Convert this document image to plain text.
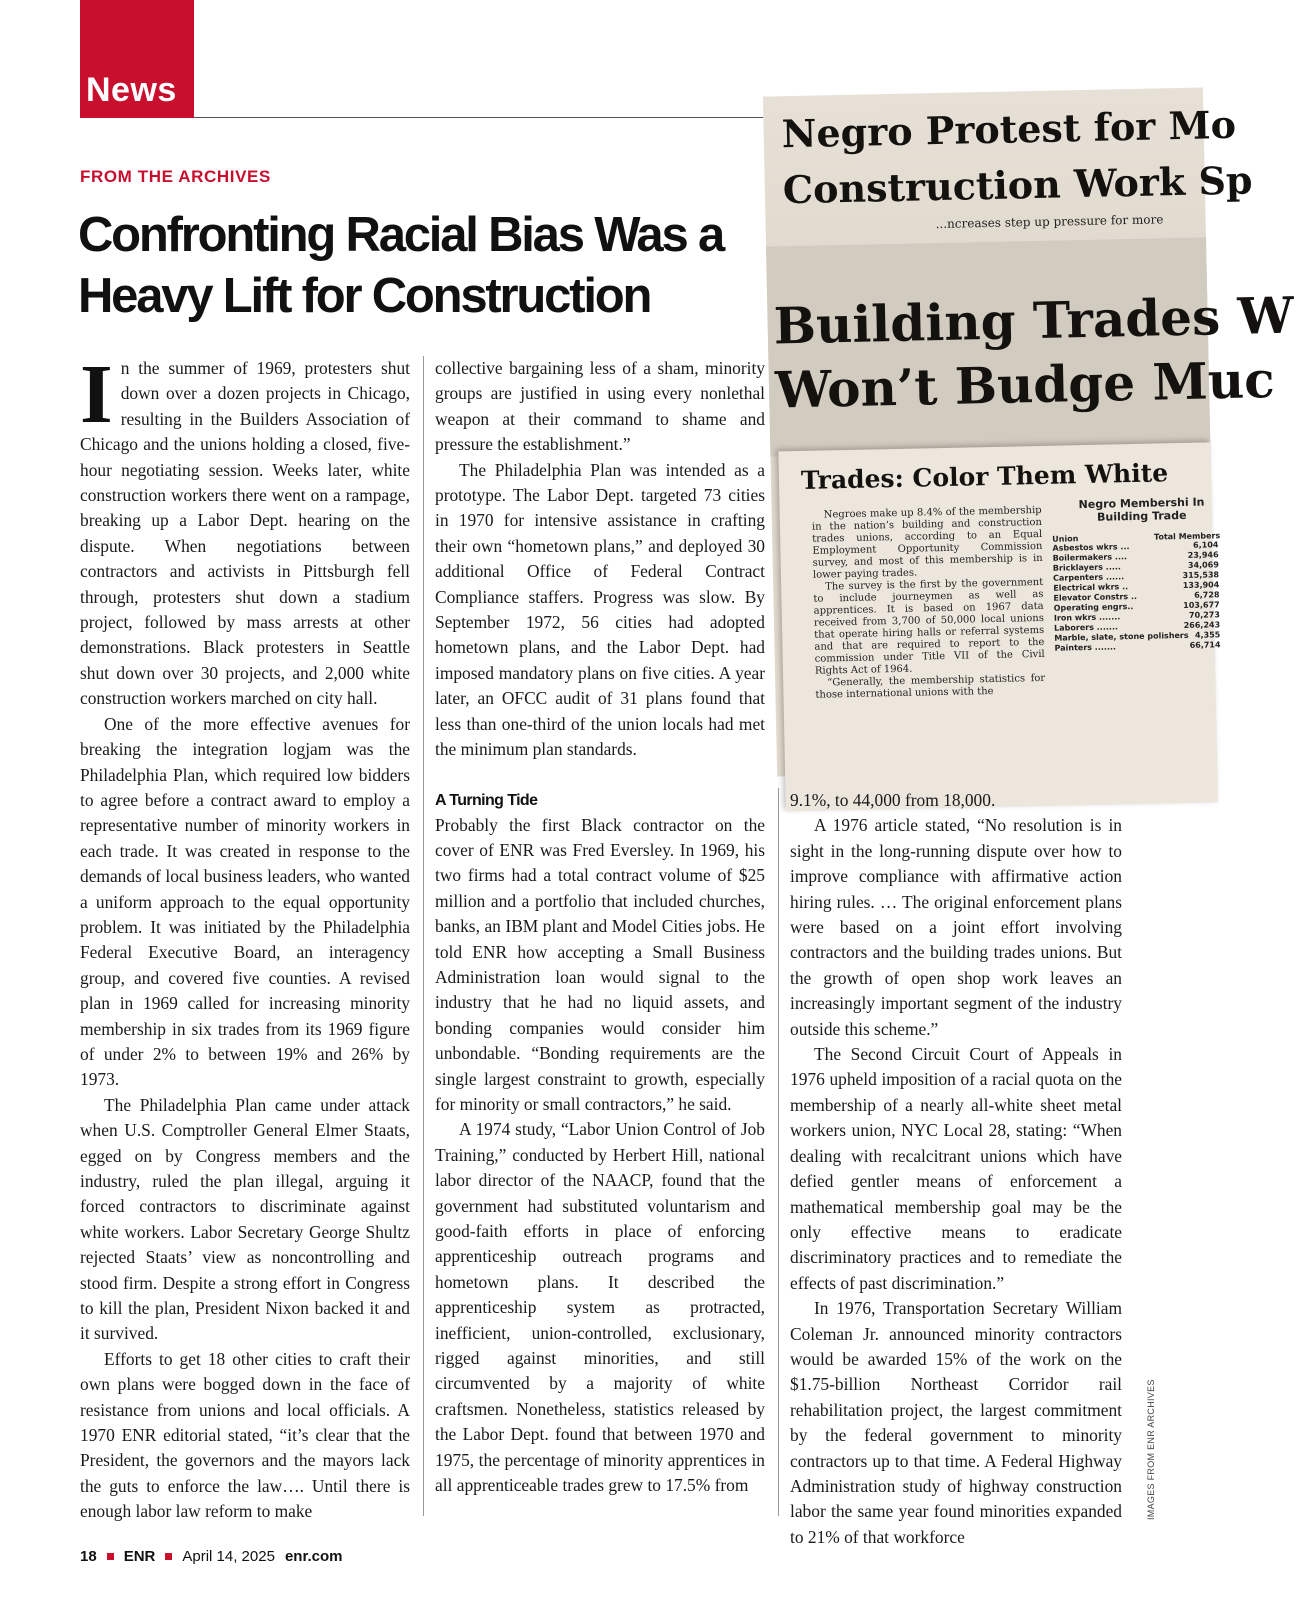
News
FROM THE ARCHIVES
Confronting Racial Bias Was a
Heavy Lift for Construction
Negro Protest for Mo
Construction Work Sp
...ncreases step up pressure for more
Building Trades W
Won’t Budge Muc
Trades: Color Them White

Negroes make up 8.4% of the membership in the nation’s building and construction trades unions, according to an Equal Employment Opportunity Commission survey, and most of this membership is in lower paying trades.

The survey is the first by the government to include journeymen as well as apprentices. It is based on 1967 data received from 3,700 of 50,000 local unions that operate hiring halls or referral systems and that are required to report to the commission under Title VII of the Civil Rights Act of 1964.

“Generally, the membership statistics for those international unions with the

Negro Membershi In Building Trade
Union	Total Members
Asbestos wkrs ...	6,104
Boilermakers ....	23,946
Bricklayers .....	34,069
Carpenters ......	315,538
Electrical wkrs ..	133,904
Elevator Constrs ..	6,728
Operating engrs..	103,677
Iron wkrs .......	70,273
Laborers .......	266,243
Marble, slate, stone polishers 4,355
Painters .......	66,714

In the summer of 1969, protesters shut down over a dozen projects in Chicago, resulting in the Builders Association of Chicago and the unions holding a closed, five-hour negotiating session. Weeks later, white construction workers there went on a rampage, breaking up a Labor Dept. hearing on the dispute. When negotiations between contractors and activists in Pittsburgh fell through, protesters shut down a stadium project, followed by mass arrests at other demonstrations. Black protesters in Seattle shut down over 30 projects, and 2,000 white construction workers marched on city hall.

One of the more effective avenues for breaking the integration logjam was the Philadelphia Plan, which required low bidders to agree before a contract award to employ a representative number of minority workers in each trade. It was created in response to the demands of local business leaders, who wanted a uniform approach to the equal opportunity problem. It was initiated by the Philadelphia Federal Executive Board, an interagency group, and covered five counties. A revised plan in 1969 called for increasing minority membership in six trades from its 1969 figure of under 2% to between 19% and 26% by 1973.

The Philadelphia Plan came under attack when U.S. Comptroller General Elmer Staats, egged on by Congress members and the industry, ruled the plan illegal, arguing it forced contractors to discriminate against white workers. Labor Secretary George Shultz rejected Staats’ view as noncontrolling and stood firm. Despite a strong effort in Congress to kill the plan, President Nixon backed it and it survived.

Efforts to get 18 other cities to craft their own plans were bogged down in the face of resistance from unions and local officials. A 1970 ENR editorial stated, “it’s clear that the President, the governors and the mayors lack the guts to enforce the law…. Until there is enough labor law reform to make

collective bargaining less of a sham, minority groups are justified in using every nonlethal weapon at their command to shame and pressure the establishment.”

The Philadelphia Plan was intended as a prototype. The Labor Dept. targeted 73 cities in 1970 for intensive assistance in crafting their own “hometown plans,” and deployed 30 additional Office of Federal Contract Compliance staffers. Progress was slow. By September 1972, 56 cities had adopted hometown plans, and the Labor Dept. had imposed mandatory plans on five cities. A year later, an OFCC audit of 31 plans found that less than one-third of the union locals had met the minimum plan standards.

A Turning Tide

Probably the first Black contractor on the cover of ENR was Fred Eversley. In 1969, his two firms had a total contract volume of $25 million and a portfolio that included churches, banks, an IBM plant and Model Cities jobs. He told ENR how accepting a Small Business Administration loan would signal to the industry that he had no liquid assets, and bonding companies would consider him unbondable. “Bonding requirements are the single largest constraint to growth, especially for minority or small contractors,” he said.

A 1974 study, “Labor Union Control of Job Training,” conducted by Herbert Hill, national labor director of the NAACP, found that the government had substituted voluntarism and good-faith efforts in place of enforcing apprenticeship outreach programs and hometown plans. It described the apprenticeship system as protracted, inefficient, union-controlled, exclusionary, rigged against minorities, and still circumvented by a majority of white craftsmen. Nonetheless, statistics released by the Labor Dept. found that between 1970 and 1975, the percentage of minority apprentices in all apprenticeable trades grew to 17.5% from

9.1%, to 44,000 from 18,000.

A 1976 article stated, “No resolution is in sight in the long-running dispute over how to improve compliance with affirmative action hiring rules. … The original enforcement plans were based on a joint effort involving contractors and the building trades unions. But the growth of open shop work leaves an increasingly important segment of the industry outside this scheme.”

The Second Circuit Court of Appeals in 1976 upheld imposition of a racial quota on the membership of a nearly all-white sheet metal workers union, NYC Local 28, stating: “When dealing with recalcitrant unions which have defied gentler means of enforcement a mathematical membership goal may be the only effective means to eradicate discriminatory practices and to remediate the effects of past discrimination.”

In 1976, Transportation Secretary William Coleman Jr. announced minority contractors would be awarded 15% of the work on the $1.75-billion Northeast Corridor rail rehabilitation project, the largest commitment by the federal government to minority contractors up to that time. A Federal Highway Administration study of highway construction labor the same year found minorities expanded to 21% of that workforce

IMAGES FROM ENR ARCHIVES
18 ENR April 14, 2025 enr.com
